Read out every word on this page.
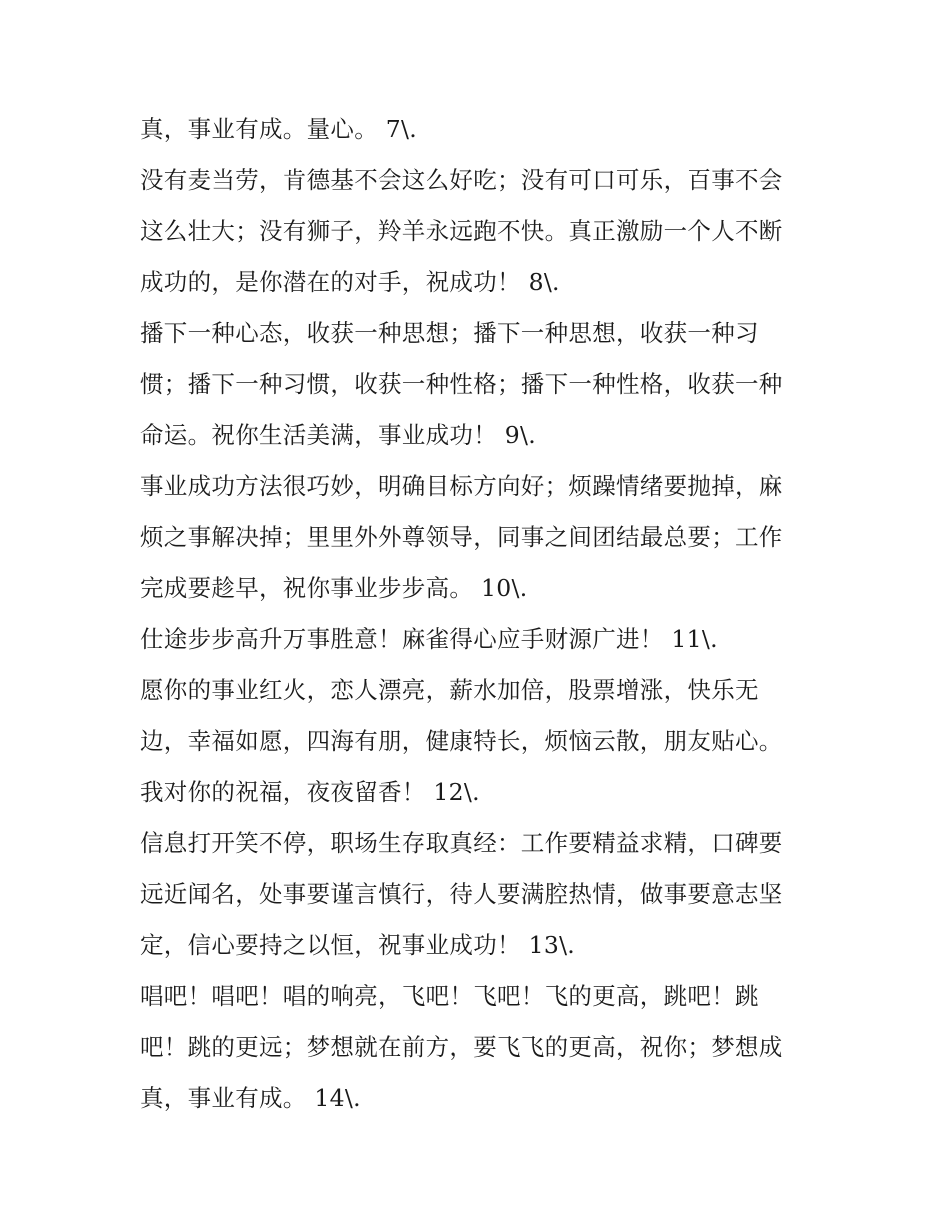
真，事业有成。量心。 7\.
没有麦当劳，肯德基不会这么好吃；没有可口可乐，百事不会
这么壮大；没有狮子，羚羊永远跑不快。真正激励一个人不断
成功的，是你潜在的对手，祝成功！ 8\.
播下一种心态，收获一种思想；播下一种思想，收获一种习
惯；播下一种习惯，收获一种性格；播下一种性格，收获一种
命运。祝你生活美满，事业成功！ 9\.
事业成功方法很巧妙，明确目标方向好；烦躁情绪要抛掉，麻
烦之事解决掉；里里外外尊领导，同事之间团结最总要；工作
完成要趁早，祝你事业步步高。 10\.
仕途步步高升万事胜意！麻雀得心应手财源广进！ 11\.
愿你的事业红火，恋人漂亮，薪水加倍，股票增涨，快乐无
边，幸福如愿，四海有朋，健康特长，烦恼云散，朋友贴心。
我对你的祝福，夜夜留香！ 12\.
信息打开笑不停，职场生存取真经：工作要精益求精，口碑要
远近闻名，处事要谨言慎行，待人要满腔热情，做事要意志坚
定，信心要持之以恒，祝事业成功！ 13\.
唱吧！唱吧！唱的响亮，飞吧！飞吧！飞的更高，跳吧！跳
吧！跳的更远；梦想就在前方，要飞飞的更高，祝你；梦想成
真，事业有成。 14\.
